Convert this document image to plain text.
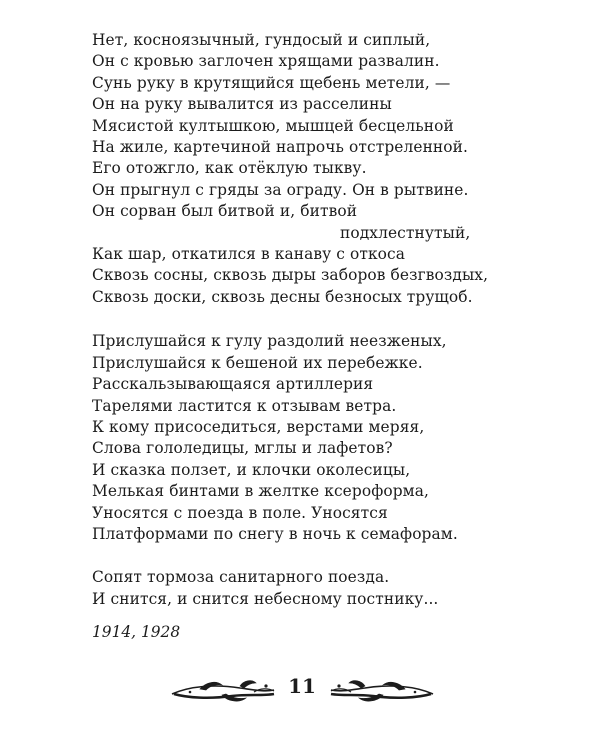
Нет, косноязычный, гундосый и сиплый,
Он с кровью заглочен хрящами развалин.
Сунь руку в крутящийся щебень метели, —
Он на руку вывалится из расселины
Мясистой култышкою, мышцей бесцельной
На жиле, картечиной напрочь отстреленной.
Его отожгло, как отёклую тыкву.
Он прыгнул с гряды за ограду. Он в рытвине.
Он сорван был битвой и, битвой
подхлестнутый,
Как шар, откатился в канаву с откоса
Сквозь сосны, сквозь дыры заборов безгвоздых,
Сквозь доски, сквозь десны безносых трущоб.
Прислушайся к гулу раздолий неезженых,
Прислушайся к бешеной их перебежке.
Расскальзывающаяся артиллерия
Тарелями ластится к отзывам ветра.
К кому присоседиться, верстами меряя,
Слова гололедицы, мглы и лафетов?
И сказка ползет, и клочки околесицы,
Мелькая бинтами в желтке ксероформа,
Уносятся с поезда в поле. Уносятся
Платформами по снегу в ночь к семафорам.
Сопят тормоза санитарного поезда.
И снится, и снится небесному постнику...
1914, 1928
11
